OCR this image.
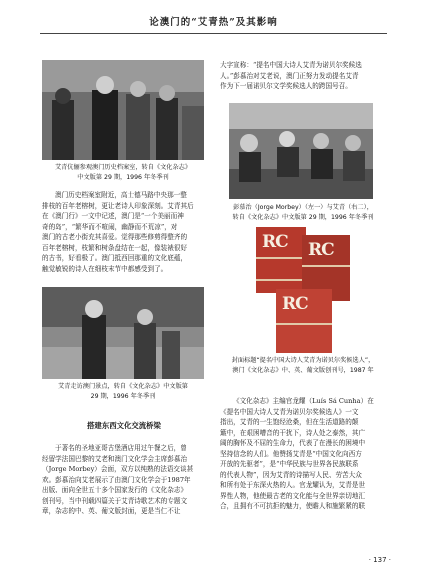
论澳门的“艾青热”及其影响
艾青伉俪参观澳门历史档案室，转自《文化杂志》
中文版第 29 期，1996 年冬季刊
澳门历史档案室附近，高士德马路中央那一整
排枝的百年老榕树，更让老诗人印象深刻。艾青其后
在《澳门行》一文中记述，澳门是“一个美丽而神
奇的岛”，“繁华而不喧闹，幽静而不荒凉”，对
澳门的古老小街充其喜爱。觉得那些修剪得整齐的
百年老榕树，枝繁和树条盘结在一起，像装裱很好
的古书，好看极了。澳门抵西回那重的文化底蕴，
触觉敏锐的诗人在细枝末节中都感受到了。
艾青走访澳门景点，转自《文化杂志》中文版第
29 期，1996 年冬季刊
搭建东西文化交流桥梁
于著名的圣地亚哥古堡酒店用过午餐之后，曾
经留学法国巴黎的艾老和澳门文化学会主席彭慕治
（Jorge Morbey）会面，双方以纯熟的法语交谈甚
欢。彭慕治向艾老展示了由澳门文化学会于1987年
出版、面向全世五十多个国家发行的《文化杂志》
创刊号，当中刊载四篇关于艾青诗歌艺术的专题文
章，杂志的中、英、葡文版封面，更是当仁不让
大字宣称：“提名中国大诗人艾青为诺贝尔奖候选
人。”彭慕治对艾老说，澳门正努力发动提名艾青
作为下一届诺贝尔文学奖候选人的跨国号召。
彭慕治（Jorge Morbey）（左一）与艾青（右二），
转自《文化杂志》中文版第 29 期，1996 年冬季刊
RC RC
RC
封面标题“提名中国大诗人艾青为诺贝尔奖候选人”，
澳门《文化杂志》中、英、葡文版创刊号，1987 年
《文化杂志》主编官龙耀（Luís Sá Cunha）在
《提名中国大诗人艾青为诺贝尔奖候选人》一文
指出，艾青的一生饱经沧桑，但在生活道路的颠
簸中，在艰困嘈音的干扰下，诗人处之泰然，其广
阔的胸怀及不屈的生命力，代表了在漫长的困境中
坚持信念的人们。他赞扬艾青是“中国文化向西方
开放的先驱者”，是“中华民族与世界各民族联系
的代表人物”，因为艾青的诗描写人民、劳苦大众
和所有处于东深火热的人。官龙耀认为，艾青是世
界性人物，他使最古老的文化能与全世界亲切地汇
合，且拥有不可抗拒的魅力，使瞻人和施繁紧的联
· 137 ·
